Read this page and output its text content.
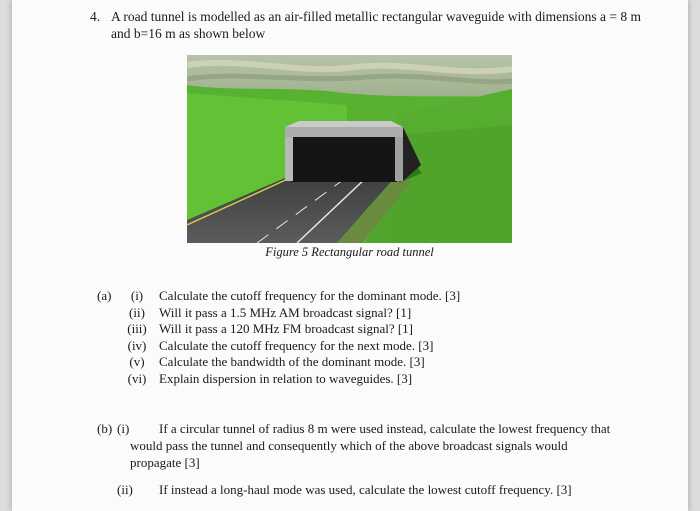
4. A road tunnel is modelled as an air-filled metallic rectangular waveguide with dimensions a = 8 m and b=16 m as shown below
Figure 5 Rectangular road tunnel
(a)	(i)	Calculate the cutoff frequency for the dominant mode. [3]
(ii)	Will it pass a 1.5 MHz AM broadcast signal? [1]
(iii) Will it pass a 120 MHz FM broadcast signal? [1]
(iv) Calculate the cutoff frequency for the next mode. [3]
(v)	Calculate the bandwidth of the dominant mode. [3]
(vi) Explain dispersion in relation to waveguides. [3]
(b) (i)	If a circular tunnel of radius 8 m were used instead, calculate the lowest frequency that would pass the tunnel and consequently which of the above broadcast signals would propagate [3]
(ii)	If instead a long-haul mode was used, calculate the lowest cutoff frequency. [3]
